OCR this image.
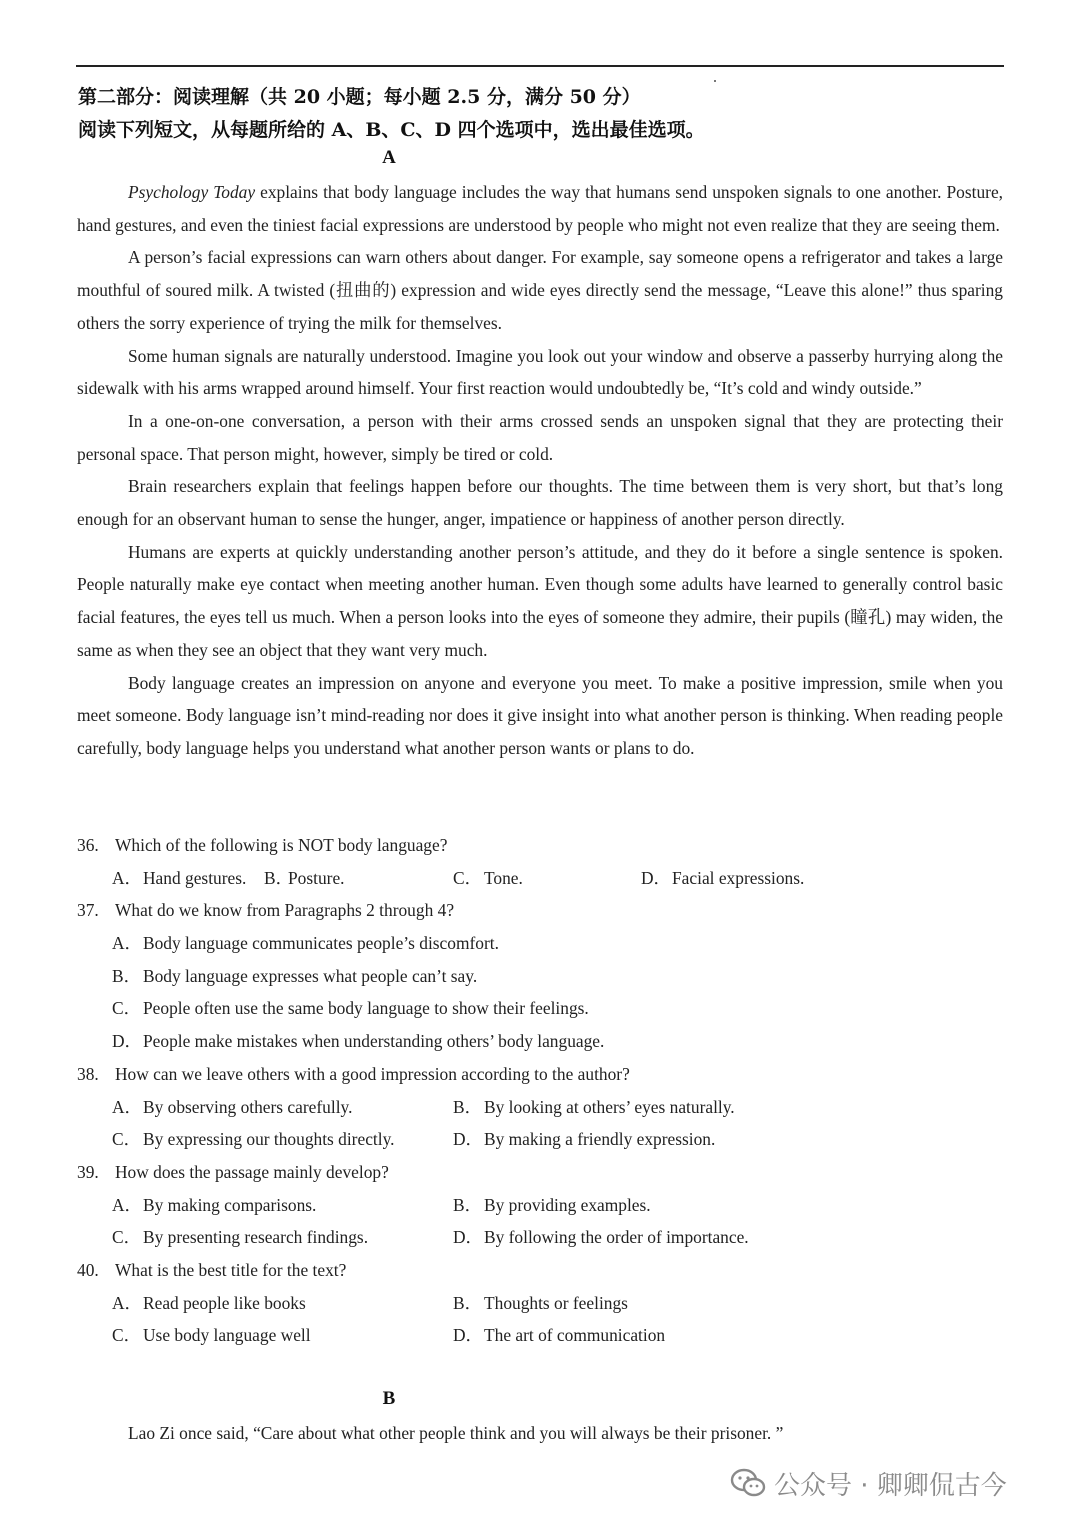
第二部分：阅读理解（共 20 小题；每小题 2.5 分，满分 50 分）
阅读下列短文，从每题所给的 A、B、C、D 四个选项中，选出最佳选项。
A

Psychology Today explains that body language includes the way that humans send unspoken signals to one another. Posture, hand gestures, and even the tiniest facial expressions are understood by people who might not even realize that they are seeing them.

A person’s facial expressions can warn others about danger. For example, say someone opens a refrigerator and takes a large mouthful of soured milk. A twisted (扭曲的) expression and wide eyes directly send the message, “Leave this alone!” thus sparing others the sorry experience of trying the milk for themselves.

Some human signals are naturally understood. Imagine you look out your window and observe a passerby hurrying along the sidewalk with his arms wrapped around himself. Your first reaction would undoubtedly be, “It’s cold and windy outside.”

In a one-on-one conversation, a person with their arms crossed sends an unspoken signal that they are protecting their personal space. That person might, however, simply be tired or cold.

Brain researchers explain that feelings happen before our thoughts. The time between them is very short, but that’s long enough for an observant human to sense the hunger, anger, impatience or happiness of another person directly.

Humans are experts at quickly understanding another person’s attitude, and they do it before a single sentence is spoken. People naturally make eye contact when meeting another human. Even though some adults have learned to generally control basic facial features, the eyes tell us much. When a person looks into the eyes of someone they admire, their pupils (瞳孔) may widen, the same as when they see an object that they want very much.

Body language creates an impression on anyone and everyone you meet. To make a positive impression, smile when you meet someone. Body language isn’t mind-reading nor does it give insight into what another person is thinking. When reading people carefully, body language helps you understand what another person wants or plans to do.

36. Which of the following is NOT body language?
A．Hand gestures. B．Posture.	C． Tone.	D．Facial expressions.
37. What do we know from Paragraphs 2 through 4?
A．Body language communicates people’s discomfort.
B． Body language expresses what people can’t say.
C． People often use the same body language to show their feelings.
D．People make mistakes when understanding others’ body language.
38. How can we leave others with a good impression according to the author?
A．By observing others carefully.	B． By looking at others’ eyes naturally.
C． By expressing our thoughts directly.	D．By making a friendly expression.
39. How does the passage mainly develop?
A．By making comparisons.	B． By providing examples.
C． By presenting research findings.	D．By following the order of importance.
40. What is the best title for the text?
A．Read people like books	B． Thoughts or feelings
C． Use body language well	D．The art of communication
B

Lao Zi once said, “Care about what other people think and you will always be their prisoner. ”

公众号 · 卿卿侃古今
